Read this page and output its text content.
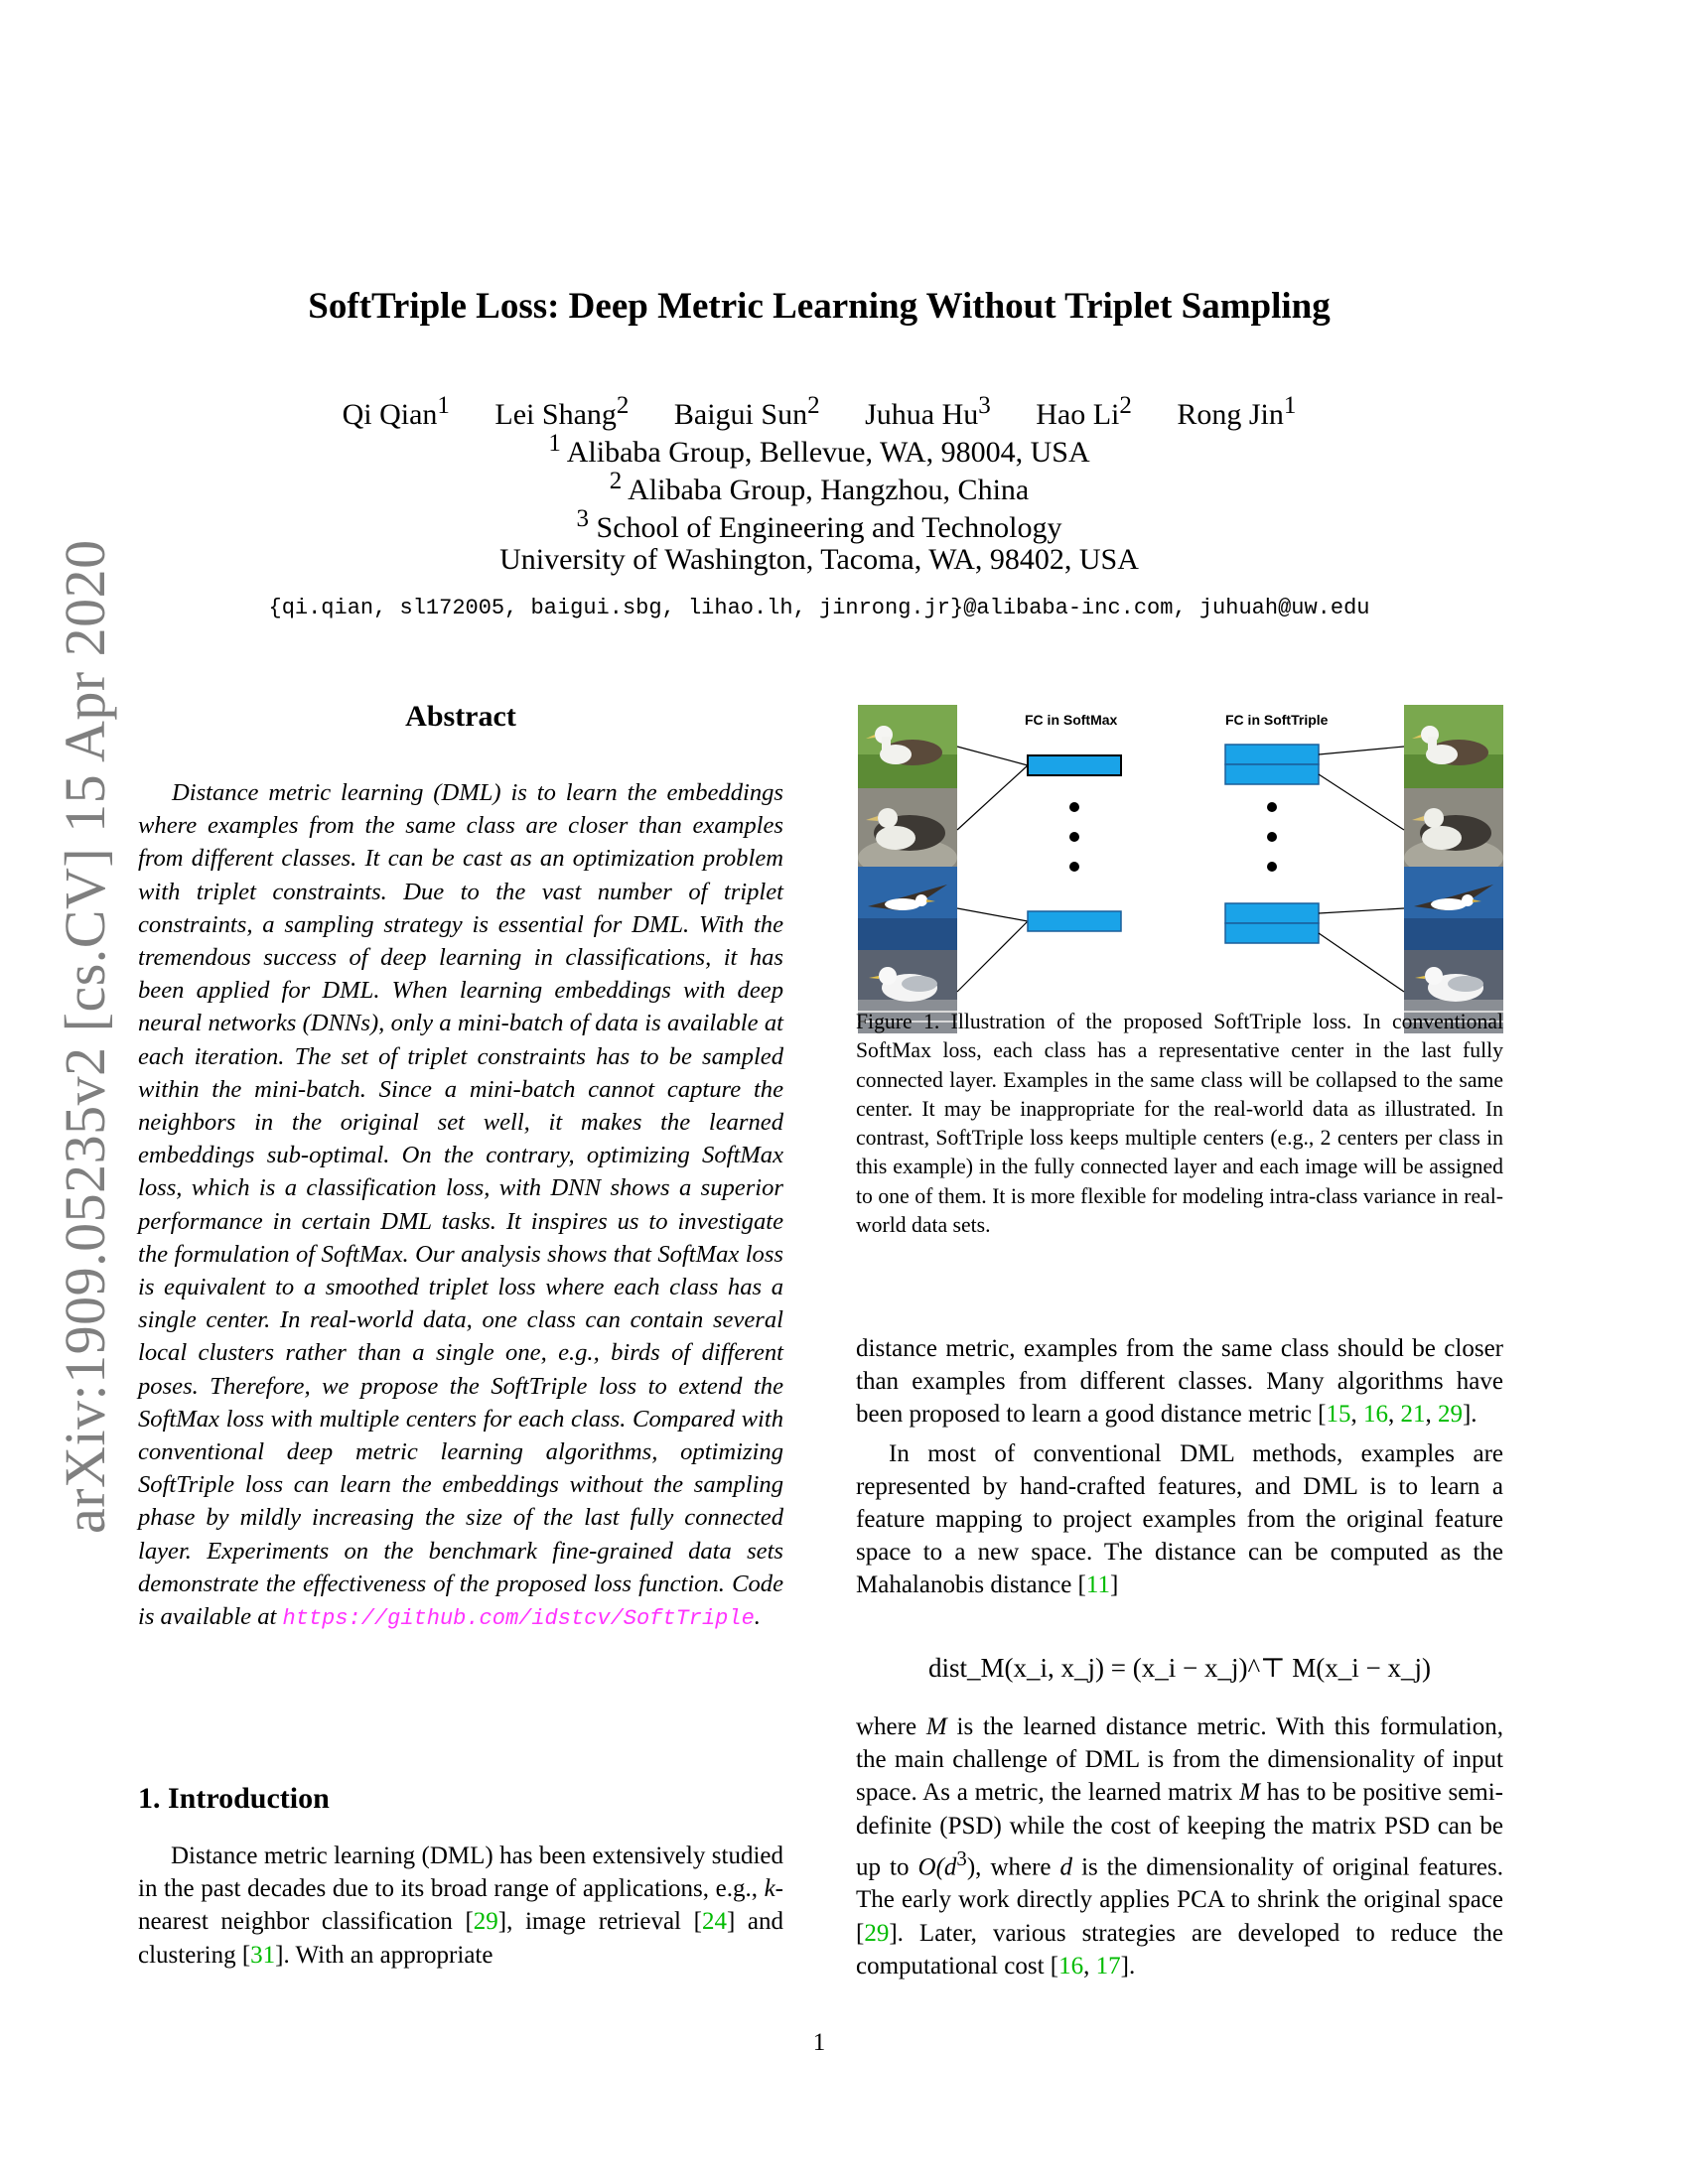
arXiv:1909.05235v2 [cs.CV] 15 Apr 2020
SoftTriple Loss: Deep Metric Learning Without Triplet Sampling
Qi Qian$^1$ Lei Shang$^2$ Baigui Sun$^2$ Juhua Hu$^3$ Hao Li$^2$ Rong Jin$^1$
$^1$ Alibaba Group, Bellevue, WA, 98004, USA
$^2$ Alibaba Group, Hangzhou, China
$^3$ School of Engineering and Technology
University of Washington, Tacoma, WA, 98402, USA
{qi.qian, sl172005, baigui.sbg, lihao.lh, jinrong.jr}@alibaba-inc.com, juhuah@uw.edu
Abstract
Distance metric learning (DML) is to learn the embeddings where examples from the same class are closer than examples from different classes. It can be cast as an optimization problem with triplet constraints. Due to the vast number of triplet constraints, a sampling strategy is essential for DML. With the tremendous success of deep learning in classifications, it has been applied for DML. When learning embeddings with deep neural networks (DNNs), only a mini-batch of data is available at each iteration. The set of triplet constraints has to be sampled within the mini-batch. Since a mini-batch cannot capture the neighbors in the original set well, it makes the learned embeddings sub-optimal. On the contrary, optimizing SoftMax loss, which is a classification loss, with DNN shows a superior performance in certain DML tasks. It inspires us to investigate the formulation of SoftMax. Our analysis shows that SoftMax loss is equivalent to a smoothed triplet loss where each class has a single center. In real-world data, one class can contain several local clusters rather than a single one, e.g., birds of different poses. Therefore, we propose the SoftTriple loss to extend the SoftMax loss with multiple centers for each class. Compared with conventional deep metric learning algorithms, optimizing SoftTriple loss can learn the embeddings without the sampling phase by mildly increasing the size of the last fully connected layer. Experiments on the benchmark fine-grained data sets demonstrate the effectiveness of the proposed loss function. Code is available at https://github.com/idstcv/SoftTriple.
1. Introduction
Distance metric learning (DML) has been extensively studied in the past decades due to its broad range of applications, e.g., k-nearest neighbor classification [29], image retrieval [24] and clustering [31]. With an appropriate
FC in SoftMax	FC in SoftTriple
Figure 1. Illustration of the proposed SoftTriple loss. In conventional SoftMax loss, each class has a representative center in the last fully connected layer. Examples in the same class will be collapsed to the same center. It may be inappropriate for the real-world data as illustrated. In contrast, SoftTriple loss keeps multiple centers (e.g., 2 centers per class in this example) in the fully connected layer and each image will be assigned to one of them. It is more flexible for modeling intra-class variance in real-world data sets.

distance metric, examples from the same class should be closer than examples from different classes. Many algorithms have been proposed to learn a good distance metric [15, 16, 21, 29].

In most of conventional DML methods, examples are represented by hand-crafted features, and DML is to learn a feature mapping to project examples from the original feature space to a new space. The distance can be computed as the Mahalanobis distance [11]

dist_M(x_i, x_j) = (x_i − x_j)^⊤ M(x_i − x_j)
where M is the learned distance metric. With this formulation, the main challenge of DML is from the dimensionality of input space. As a metric, the learned matrix M has to be positive semi-definite (PSD) while the cost of keeping the matrix PSD can be up to $O(d^3)$, where d is the dimensionality of original features. The early work directly applies PCA to shrink the original space [29]. Later, various strategies are developed to reduce the computational cost [16, 17].
1
